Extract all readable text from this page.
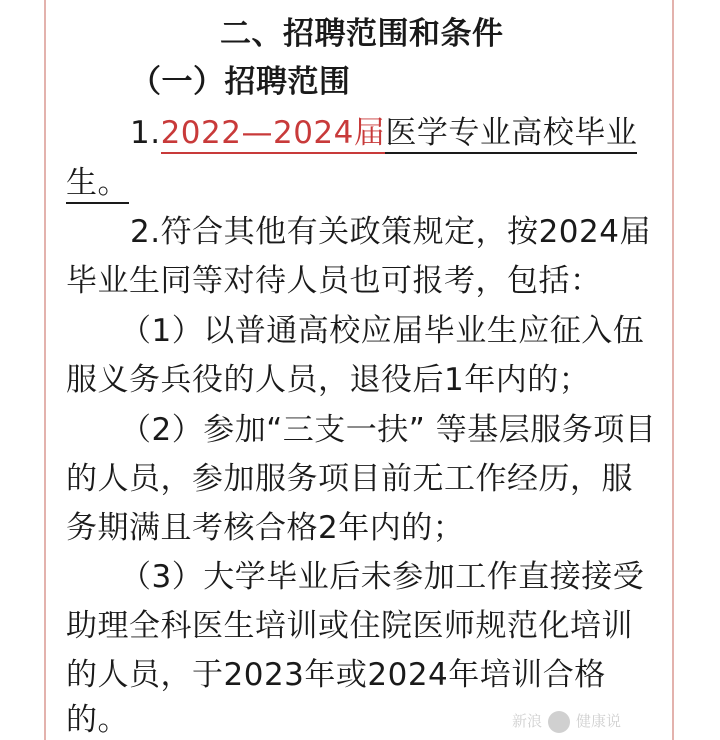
二、招聘范围和条件
（一）招聘范围
1.2022—2024届医学专业高校毕业
生。
2.符合其他有关政策规定，按2024届
毕业生同等对待人员也可报考，包括：
（1）以普通高校应届毕业生应征入伍
服义务兵役的人员，退役后1年内的；
（2）参加“三支一扶” 等基层服务项目
的人员，参加服务项目前无工作经历，服
务期满且考核合格2年内的；
（3）大学毕业后未参加工作直接接受
助理全科医生培训或住院医师规范化培训
的人员，于2023年或2024年培训合格
的。	新浪 健康说
